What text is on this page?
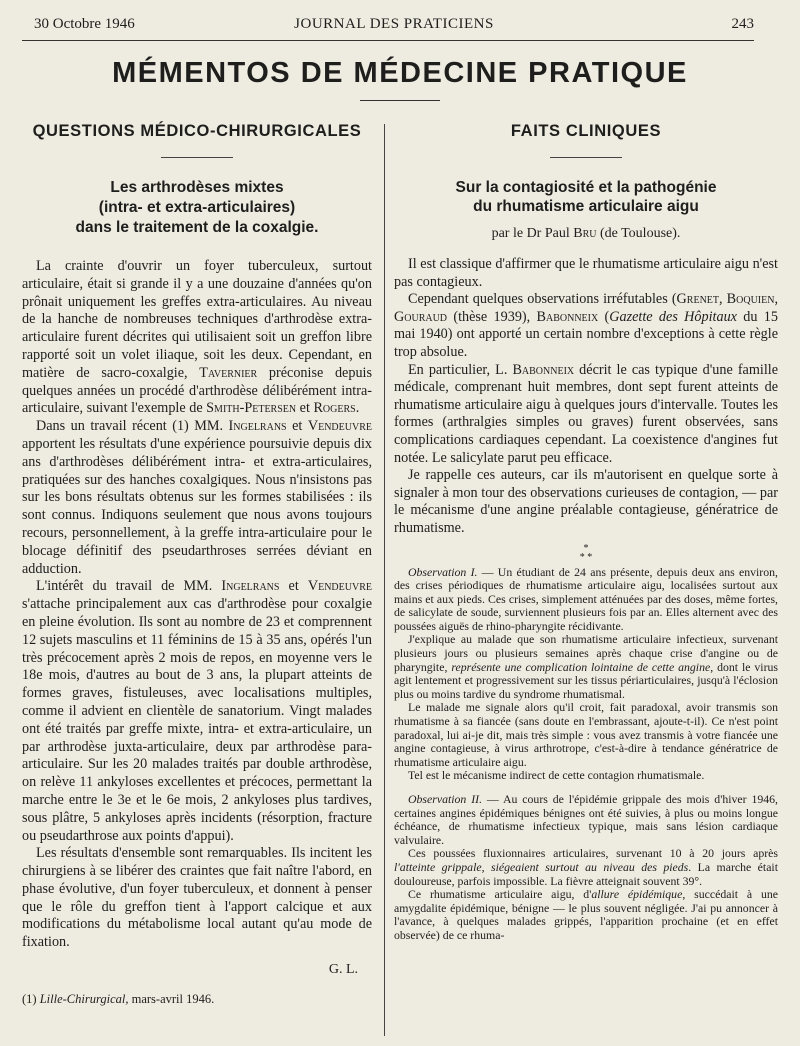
30 Octobre 1946	JOURNAL DES PRATICIENS	243
MÉMENTOS DE MÉDECINE PRATIQUE
QUESTIONS MÉDICO-CHIRURGICALES
Les arthrodèses mixtes
(intra- et extra-articulaires)
dans le traitement de la coxalgie.

La crainte d'ouvrir un foyer tuberculeux, surtout articulaire, était si grande il y a une douzaine d'années qu'on prônait uniquement les greffes extra-articulaires. Au niveau de la hanche de nombreuses techniques d'arthrodèse extra-articulaire furent décrites qui utilisaient soit un greffon libre rapporté soit un volet iliaque, soit les deux. Cependant, en matière de sacro-coxalgie, Tavernier préconise depuis quelques années un procédé d'arthrodèse délibérément intra-articulaire, suivant l'exemple de Smith-Petersen et Rogers.

Dans un travail récent (1) MM. Ingelrans et Vendeuvre apportent les résultats d'une expérience poursuivie depuis dix ans d'arthrodèses délibérément intra- et extra-articulaires, pratiquées sur des hanches coxalgiques. Nous n'insistons pas sur les bons résultats obtenus sur les formes stabilisées : ils sont connus. Indiquons seulement que nous avons toujours recours, personnellement, à la greffe intra-articulaire pour le blocage définitif des pseudarthroses serrées déviant en adduction.

L'intérêt du travail de MM. Ingelrans et Vendeuvre s'attache principalement aux cas d'arthrodèse pour coxalgie en pleine évolution. Ils sont au nombre de 23 et comprennent 12 sujets masculins et 11 féminins de 15 à 35 ans, opérés l'un très précocement après 2 mois de repos, en moyenne vers le 18e mois, d'autres au bout de 3 ans, la plupart atteints de formes graves, fistuleuses, avec localisations multiples, comme il advient en clientèle de sanatorium. Vingt malades ont été traités par greffe mixte, intra- et extra-articulaire, un par arthrodèse juxta-articulaire, deux par arthrodèse para-articulaire. Sur les 20 malades traités par double arthrodèse, on relève 11 ankyloses excellentes et précoces, permettant la marche entre le 3e et le 6e mois, 2 ankyloses plus tardives, sous plâtre, 5 ankyloses après incidents (résorption, fracture ou pseudarthrose aux points d'appui).

Les résultats d'ensemble sont remarquables. Ils incitent les chirurgiens à se libérer des craintes que fait naître l'abord, en phase évolutive, d'un foyer tuberculeux, et donnent à penser que le rôle du greffon tient à l'apport calcique et aux modifications du métabolisme local autant qu'au mode de fixation.

G. L.
(1) Lille-Chirurgical, mars-avril 1946.
FAITS CLINIQUES
Sur la contagiosité et la pathogénie
du rhumatisme articulaire aigu
par le Dr Paul Bru (de Toulouse).

Il est classique d'affirmer que le rhumatisme articulaire aigu n'est pas contagieux.

Cependant quelques observations irréfutables (Grenet, Boquien, Gouraud (thèse 1939), Babonneix (Gazette des Hôpitaux du 15 mai 1940) ont apporté un certain nombre d'exceptions à cette règle trop absolue.

En particulier, L. Babonneix décrit le cas typique d'une famille médicale, comprenant huit membres, dont sept furent atteints de rhumatisme articulaire aigu à quelques jours d'intervalle. Toutes les formes (arthralgies simples ou graves) furent observées, sans complications cardiaques cependant. La coexistence d'angines fut notée. Le salicylate parut peu efficace.

Je rappelle ces auteurs, car ils m'autorisent en quelque sorte à signaler à mon tour des observations curieuses de contagion, — par le mécanisme d'une angine préalable contagieuse, génératrice de rhumatisme.

*
* *

Observation I. — Un étudiant de 24 ans présente, depuis deux ans environ, des crises périodiques de rhumatisme articulaire aigu, localisées surtout aux mains et aux pieds. Ces crises, simplement atténuées par des doses, même fortes, de salicylate de soude, surviennent plusieurs fois par an. Elles alternent avec des poussées aiguës de rhino-pharyngite récidivante.

J'explique au malade que son rhumatisme articulaire infectieux, survenant plusieurs jours ou plusieurs semaines après chaque crise d'angine ou de pharyngite, représente une complication lointaine de cette angine, dont le virus agit lentement et progressivement sur les tissus périarticulaires, jusqu'à l'éclosion plus ou moins tardive du syndrome rhumatismal.

Le malade me signale alors qu'il croit, fait paradoxal, avoir transmis son rhumatisme à sa fiancée (sans doute en l'embrassant, ajoute-t-il). Ce n'est point paradoxal, lui ai-je dit, mais très simple : vous avez transmis à votre fiancée une angine contagieuse, à virus arthrotrope, c'est-à-dire à tendance génératrice de rhumatisme articulaire aigu.

Tel est le mécanisme indirect de cette contagion rhumatismale.

Observation II. — Au cours de l'épidémie grippale des mois d'hiver 1946, certaines angines épidémiques bénignes ont été suivies, à plus ou moins longue échéance, de rhumatisme infectieux typique, mais sans lésion cardiaque valvulaire.

Ces poussées fluxionnaires articulaires, survenant 10 à 20 jours après l'atteinte grippale, siégeaient surtout au niveau des pieds. La marche était douloureuse, parfois impossible. La fièvre atteignait souvent 39°.

Ce rhumatisme articulaire aigu, d'allure épidémique, succédait à une amygdalite épidémique, bénigne — le plus souvent négligée. J'ai pu annoncer à l'avance, à quelques malades grippés, l'apparition prochaine (et en effet observée) de ce rhuma-
